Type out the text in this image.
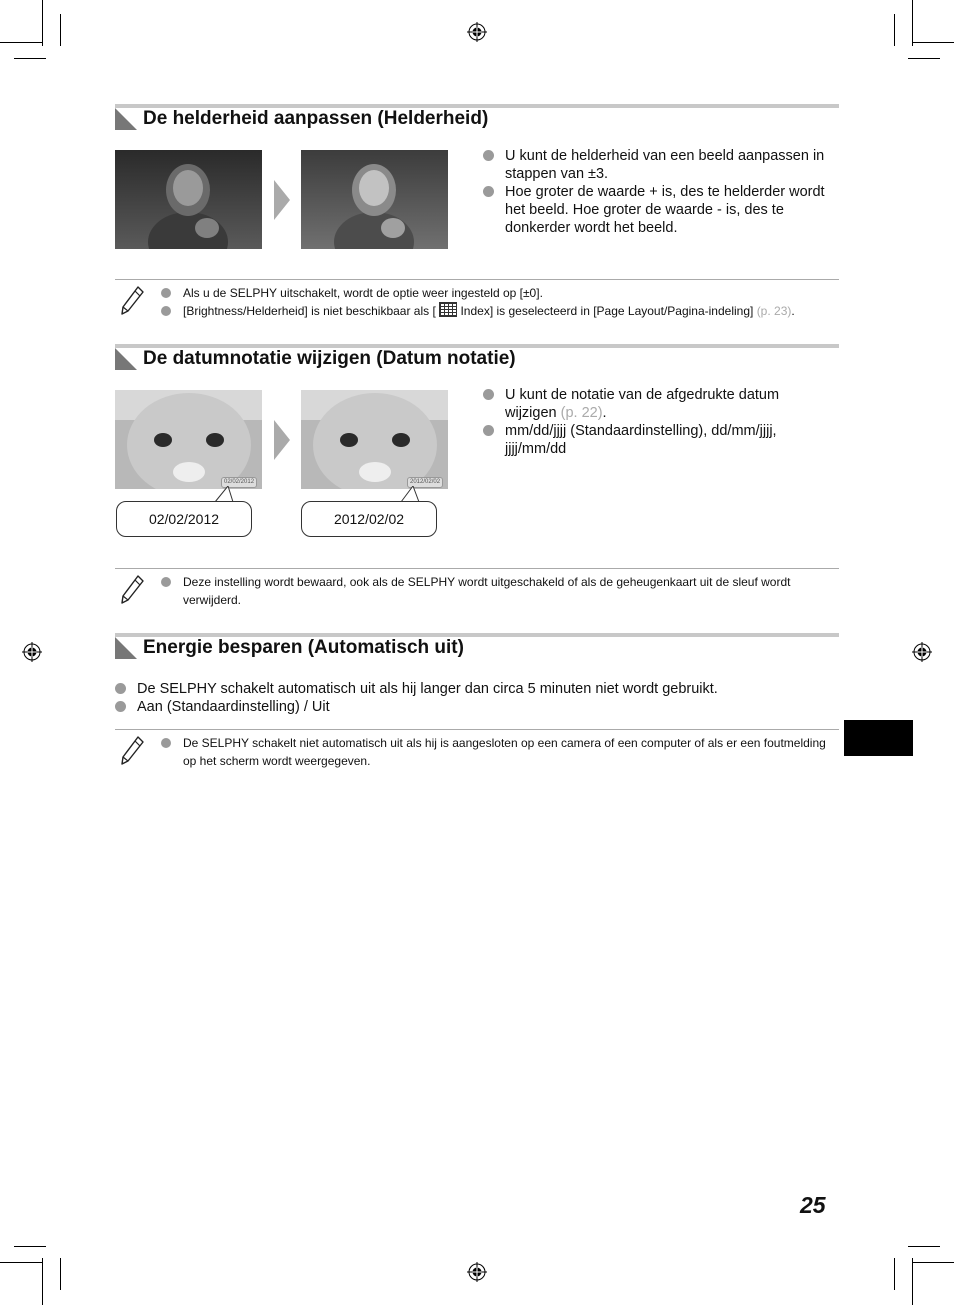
De helderheid aanpassen (Helderheid)
U kunt de helderheid van een beeld aanpassen in stappen van ±3.
Hoe groter de waarde + is, des te helderder wordt het beeld. Hoe groter de waarde - is, des te donkerder wordt het beeld.
Als u de SELPHY uitschakelt, wordt de optie weer ingesteld op [±0].
[Brightness/Helderheid] is niet beschikbaar als [  Index] is geselecteerd in [Page Layout/Pagina-indeling] (p. 23).
De datumnotatie wijzigen (Datum notatie)
02/02/2012	2012/02/02
02/02/2012	2012/02/02
U kunt de notatie van de afgedrukte datum wijzigen (p. 22).
mm/dd/jjjj (Standaardinstelling), dd/mm/jjjj, jjjj/mm/dd
Deze instelling wordt bewaard, ook als de SELPHY wordt uitgeschakeld of als de geheugenkaart uit de sleuf wordt verwijderd.
Energie besparen (Automatisch uit)
De SELPHY schakelt automatisch uit als hij langer dan circa 5 minuten niet wordt gebruikt.
Aan (Standaardinstelling) / Uit
De SELPHY schakelt niet automatisch uit als hij is aangesloten op een camera of een computer of als er een foutmelding op het scherm wordt weergegeven.
25
